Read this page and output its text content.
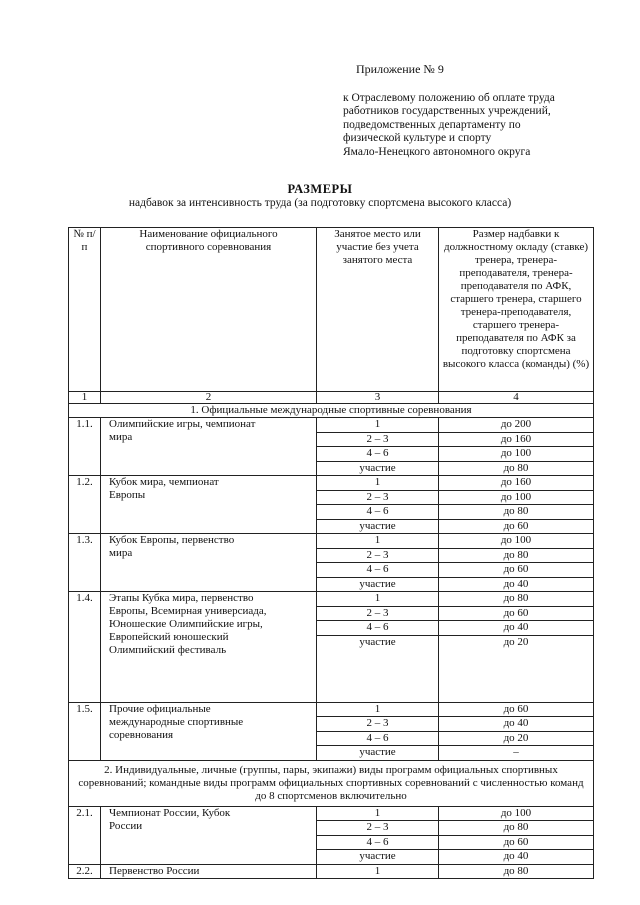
Приложение № 9
к Отраслевому положению об оплате труда
работников государственных учреждений,
подведомственных департаменту по
физической культуре и спорту
Ямало-Ненецкого автономного округа
РАЗМЕРЫ
надбавок за интенсивность труда (за подготовку спортсмена высокого класса)
№ п/п	Наименование официального спортивного соревнования	Занятое место или участие без учета занятого места	Размер надбавки к должностному окладу (ставке) тренера, тренера-преподавателя, тренера-преподавателя по АФК, старшего тренера, старшего тренера-преподавателя, старшего тренера-преподавателя по АФК за подготовку спортсмена высокого класса (команды) (%)
1	2	3	4
1. Официальные международные спортивные соревнования			
1.1.	Олимпийские игры, чемпионат мира	1	до 200
		2 – 3	до 160
		4 – 6	до 100
		участие	до 80
1.2.	Кубок мира, чемпионат Европы	1	до 160
		2 – 3	до 100
		4 – 6	до 80
		участие	до 60
1.3.	Кубок Европы, первенство мира	1	до 100
		2 – 3	до 80
		4 – 6	до 60
		участие	до 40
1.4.	Этапы Кубка мира, первенство Европы, Всемирная универсиада, Юношеские Олимпийские игры, Европейский юношеский Олимпийский фестиваль	1	до 80
		2 – 3	до 60
		4 – 6	до 40
		участие	до 20
1.5.	Прочие официальные международные спортивные соревнования	1	до 60
		2 – 3	до 40
		4 – 6	до 20
		участие	–
2. Индивидуальные, личные (группы, пары, экипажи) виды программ официальных спортивных соревнований; командные виды программ официальных спортивных соревнований с численностью команд до 8 спортсменов включительно			
2.1.	Чемпионат России, Кубок России	1	до 100
		2 – 3	до 80
		4 – 6	до 60
		участие	до 40
2.2.	Первенство России	1	до 80
